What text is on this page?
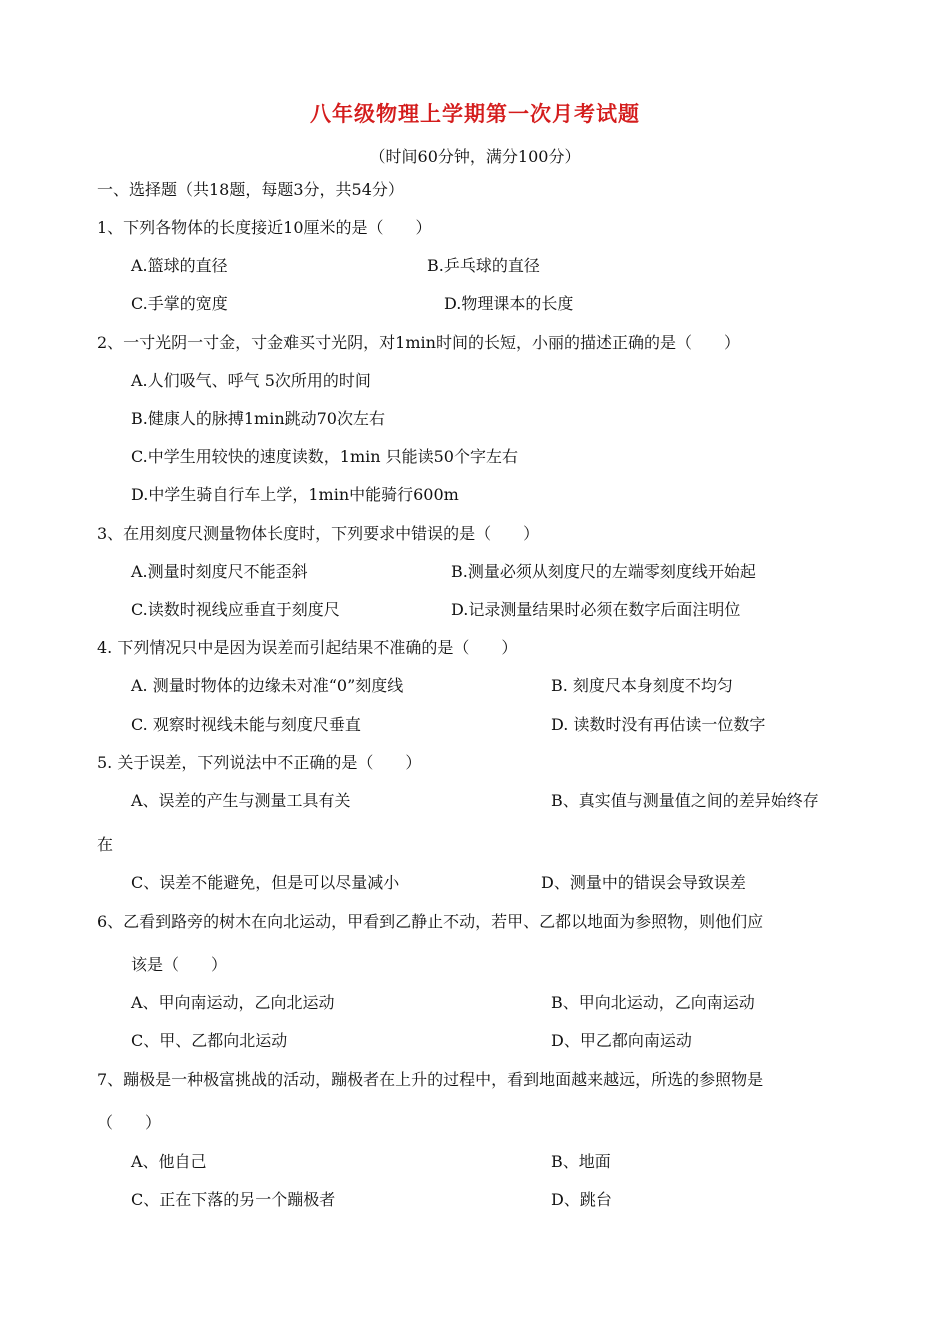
八年级物理上学期第一次月考试题
（时间60分钟，满分100分）
一、选择题（共18题，每题3分，共54分）
1、下列各物体的长度接近10厘米的是（　　）
A.篮球的直径	B.乒乓球的直径
C.手掌的宽度	D.物理课本的长度
2、一寸光阴一寸金，寸金难买寸光阴，对1min时间的长短，小丽的描述正确的是（　　）
A.人们吸气、呼气 5次所用的时间
B.健康人的脉搏1min跳动70次左右
C.中学生用较快的速度读数，1min 只能读50个字左右
D.中学生骑自行车上学，1min中能骑行600m
3、在用刻度尺测量物体长度时，下列要求中错误的是（　　）
A.测量时刻度尺不能歪斜	B.测量必须从刻度尺的左端零刻度线开始起
C.读数时视线应垂直于刻度尺	D.记录测量结果时必须在数字后面注明位
4. 下列情况只中是因为误差而引起结果不准确的是（　　）
A. 测量时物体的边缘未对准“0”刻度线	B. 刻度尺本身刻度不均匀
C. 观察时视线未能与刻度尺垂直	D. 读数时没有再估读一位数字
5. 关于误差，下列说法中不正确的是（　　）
A、误差的产生与测量工具有关	B、真实值与测量值之间的差异始终存
在
C、误差不能避免，但是可以尽量减小	D、测量中的错误会导致误差
6、乙看到路旁的树木在向北运动，甲看到乙静止不动，若甲、乙都以地面为参照物，则他们应
该是（　　）
A、甲向南运动，乙向北运动	B、甲向北运动，乙向南运动
C、甲、乙都向北运动	D、甲乙都向南运动
7、蹦极是一种极富挑战的活动，蹦极者在上升的过程中，看到地面越来越远，所选的参照物是
（　　）
A、他自己	B、地面
C、正在下落的另一个蹦极者	D、跳台
